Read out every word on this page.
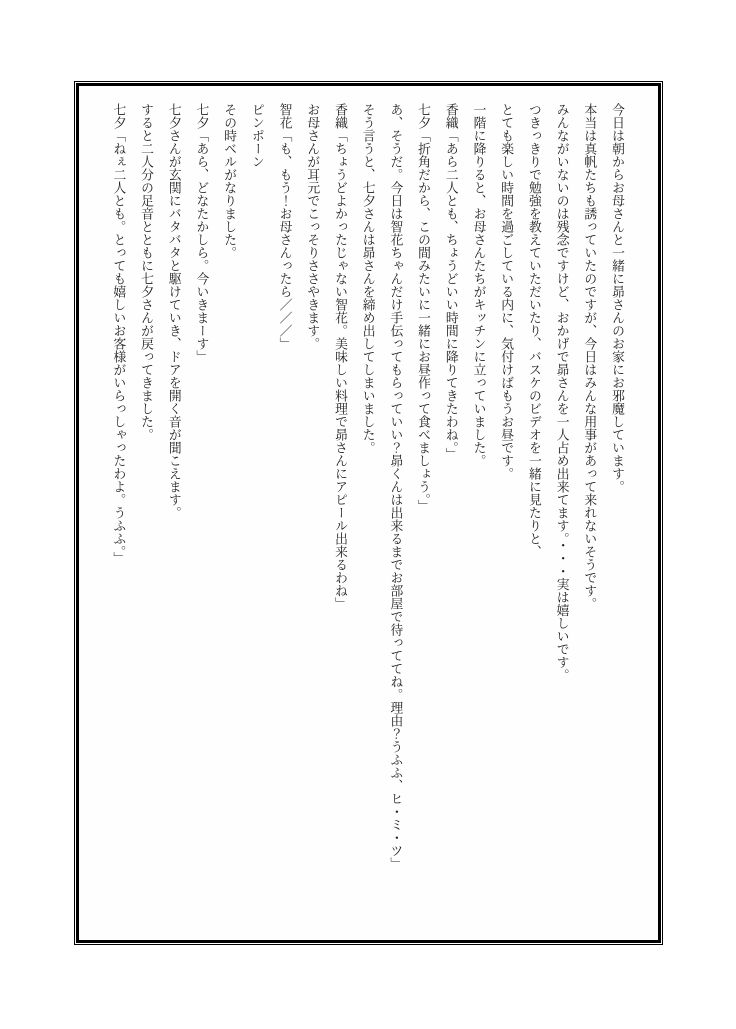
今日は朝からお母さんと一緒に昴さんのお家にお邪魔しています。

本当は真帆たちも誘っていたのですが、今日はみんな用事があって来れないそうです。

みんながいないのは残念ですけど、おかげで昴さんを一人占め出来てます。・・・実は嬉しいです。

つきっきりで勉強を教えていただいたり、バスケのビデオを一緒に見たりと、

とても楽しい時間を過ごしている内に、気付けばもうお昼です。

一階に降りると、お母さんたちがキッチンに立っていました。

香織「あら二人とも、ちょうどいい時間に降りてきたわね。」

七夕「折角だから、この間みたいに一緒にお昼作って食べましょう。」

あ、そうだ。今日は智花ちゃんだけ手伝ってもらっていい？昴くんは出来るまでお部屋で待っててね。理由？うふふ、ヒ・ミ・ツ」

そう言うと、七夕さんは昴さんを締め出してしまいました。

香織「ちょうどよかったじゃない智花。美味しい料理で昴さんにアピール出来るわね」

お母さんが耳元でこっそりささやきます。

智花「も、もう！お母さんったら／／／」

ピンポーン

その時ベルがなりました。

七夕「あら、どなたかしら。今いきまーす」

七夕さんが玄関にバタバタと駆けていき、ドアを開く音が聞こえます。

すると二人分の足音とともに七夕さんが戻ってきました。

七夕「ねぇ二人とも。とっても嬉しいお客様がいらっしゃったわよ。うふふ。」
